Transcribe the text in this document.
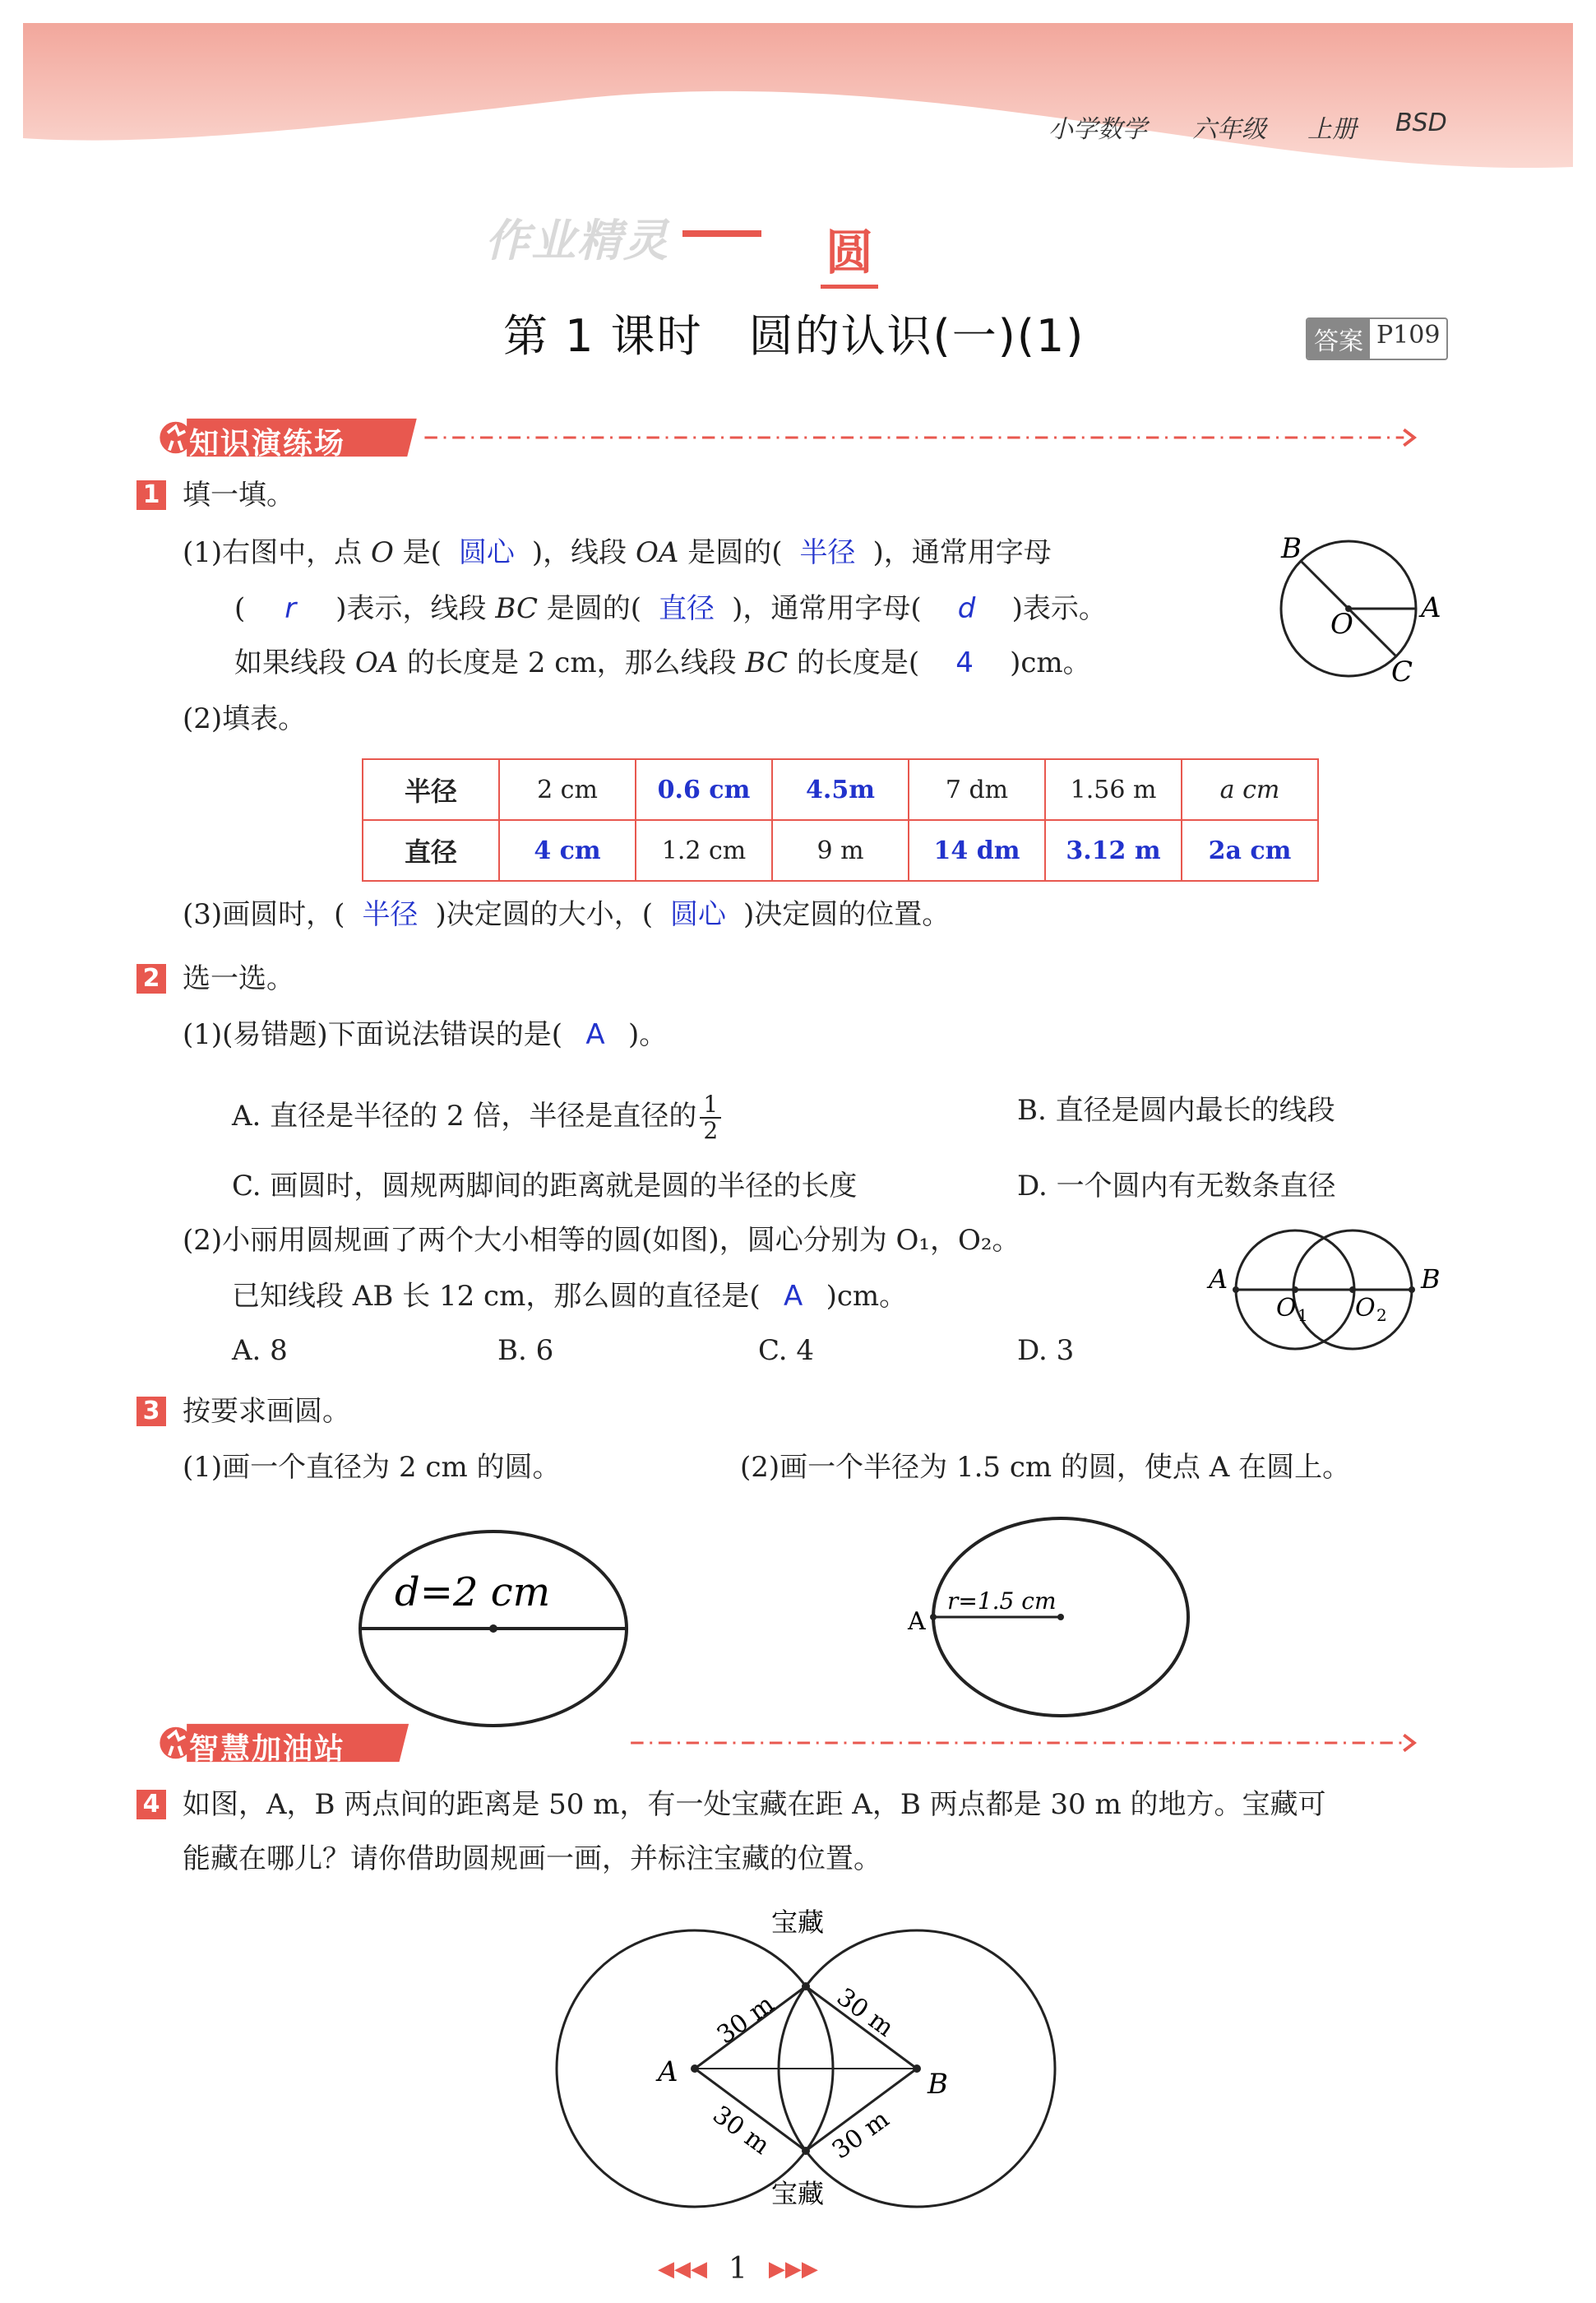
小学数学 六年级 上册 BSD
作业精灵	圆
第 1 课时　圆的认识(一)(1)	答案 P109
知识演练场
1 填一填。
(1)右图中，点 O 是( 圆心 )，线段 OA 是圆的( 半径 )，通常用字母
( r )表示，线段 BC 是圆的( 直径 )，通常用字母( d )表示。
如果线段 OA 的长度是 2 cm，那么线段 BC 的长度是( 4 )cm。
B
O A
C
(2)填表。
半径	2 cm	0.6 cm	4.5m	7 dm	1.56 m	a cm
直径	4 cm	1.2 cm	9 m	14 dm	3.12 m	2a cm
(3)画圆时，( 半径 )决定圆的大小，( 圆心 )决定圆的位置。
2 选一选。
(1)(易错题)下面说法错误的是( A )。
A. 直径是半径的 2 倍，半径是直径的 $\frac{1}{2}$	B. 直径是圆内最长的线段
C. 画圆时，圆规两脚间的距离就是圆的半径的长度	D. 一个圆内有无数条直径
(2)小丽用圆规画了两个大小相等的圆(如图)，圆心分别为 O₁，O₂。
已知线段 AB 长 12 cm，那么圆的直径是( A )cm。
A. 8	B. 6	C. 4	D. 3
A	B
O 1 O 2
3 按要求画圆。
(1)画一个直径为 2 cm 的圆。	(2)画一个半径为 1.5 cm 的圆，使点 A 在圆上。
d=2 cm
A
r=1.5 cm
智慧加油站
4 如图，A，B 两点间的距离是 50 m，有一处宝藏在距 A，B 两点都是 30 m 的地方。宝藏可
能藏在哪儿？请你借助圆规画一画，并标注宝藏的位置。
宝藏
宝藏
A	B
30 m 30 m
30 m 30 m
◀◀◀ 1 ▶▶▶
